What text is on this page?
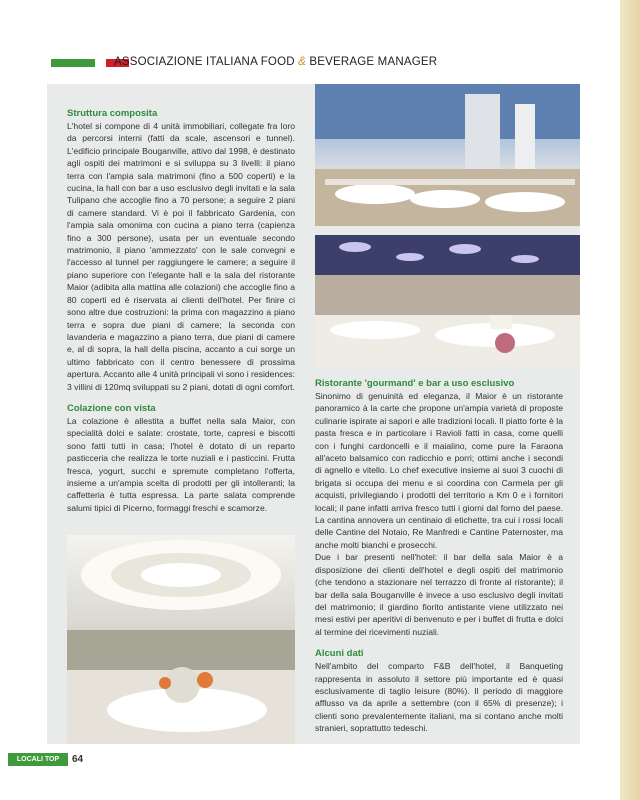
ASSOCIAZIONE ITALIANA FOOD & BEVERAGE MANAGER
Struttura composita

L'hotel si compone di 4 unità immobiliari, collegate fra loro da percorsi interni (fatti da scale, ascensori e tunnel). L'edificio principale Bouganville, attivo dal 1998, è destinato agli ospiti dei matrimoni e si sviluppa su 3 livelli: il piano terra con l'ampia sala matrimoni (fino a 500 coperti) e la cucina, la hall con bar a uso esclusivo degli invitati e la sala Tulipano che accoglie fino a 70 persone; a seguire 2 piani di camere standard. Vi è poi il fabbricato Gardenia, con l'ampia sala omonima con cucina a piano terra (capienza fino a 300 persone), usata per un eventuale secondo matrimonio, il piano 'ammezzato' con le sale convegni e l'accesso al tunnel per raggiungere le camere; a seguire il piano superiore con l'elegante hall e la sala del ristorante Maior (adibita alla mattina alle colazioni) che accoglie fino a 80 coperti ed è riservata ai clienti dell'hotel. Per finire ci sono altre due costruzioni: la prima con magazzino a piano terra e sopra due piani di camere; la seconda con lavanderia e magazzino a piano terra, due piani di camere e, al di sopra, la hall della piscina, accanto a cui sorge un ultimo fabbricato con il centro benessere di prossima apertura. Accanto alle 4 unità principali vi sono i residences: 3 villini di 120mq sviluppati su 2 piani, dotati di ogni comfort.

Colazione con vista

La colazione è allestita a buffet nella sala Maior, con specialità dolci e salate: crostate, torte, capresi e biscotti sono fatti tutti in casa; l'hotel è dotato di un reparto pasticceria che realizza le torte nuziali e i pasticcini. Frutta fresca, yogurt, succhi e spremute completano l'offerta, insieme a un'ampia scelta di prodotti per gli intolleranti; la caffetteria è tutta espressa. La parte salata comprende salumi tipici di Picerno, formaggi freschi e scamorze.

Ristorante 'gourmand' e bar a uso esclusivo

Sinonimo di genuinità ed eleganza, il Maior è un ristorante panoramico à la carte che propone un'ampia varietà di proposte culinarie ispirate ai sapori e alle tradizioni locali. Il piatto forte è la pasta fresca e in particolare i Ravioli fatti in casa, come quelli con i funghi cardoncelli e il maialino, come pure la Faraona all'aceto balsamico con radicchio e porri; ottimi anche i secondi di agnello e vitello. Lo chef executive insieme ai suoi 3 cuochi di brigata si occupa dei menu e si coordina con Carmela per gli acquisti, privilegiando i prodotti del territorio a Km 0 e i fornitori locali; il pane infatti arriva fresco tutti i giorni dal forno del paese. La cantina annovera un centinaio di etichette, tra cui i rossi locali delle Cantine del Notaio, Re Manfredi e Cantine Paternoster, ma anche molti bianchi e prosecchi.

Due i bar presenti nell'hotel: il bar della sala Maior è a disposizione dei clienti dell'hotel e degli ospiti del matrimonio (che tendono a stazionare nel terrazzo di fronte al ristorante); il bar della sala Bouganville è invece a uso esclusivo degli invitati del matrimonio; il giardino fiorito antistante viene utilizzato nei mesi estivi per aperitivi di benvenuto e per i buffet di frutta e dolci al termine dei ricevimenti nuziali.

Alcuni dati

Nell'ambito del comparto F&B dell'hotel, il Banqueting rappresenta in assoluto il settore più importante ed è quasi esclusivamente di taglio leisure (80%). Il periodo di maggiore afflusso va da aprile a settembre (con il 65% di presenze); i clienti sono prevalentemente italiani, ma si contano anche molti stranieri, soprattutto tedeschi.

LOCALI TOP	64
